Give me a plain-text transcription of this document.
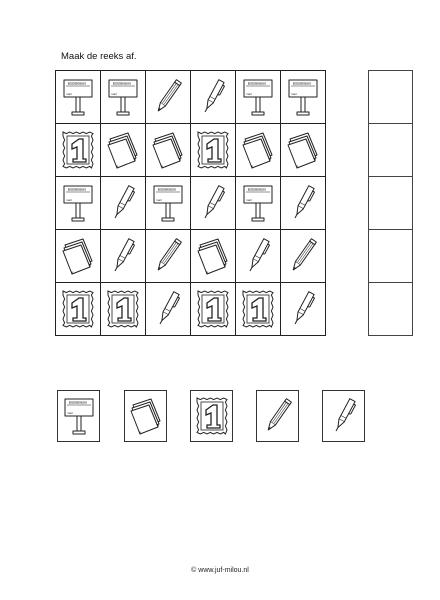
Maak de reeks af.
MAAK DE REEKS
mail
MAAK DE REEKS
mail
MAAK DE REEKS
mail
MAAK DE REEKS
mail
MAAK DE REEKS
mail
MAAK DE REEKS
mail
MAAK DE REEKS
mail
MAAK DE REEKS
mail
© www.juf-milou.nl
